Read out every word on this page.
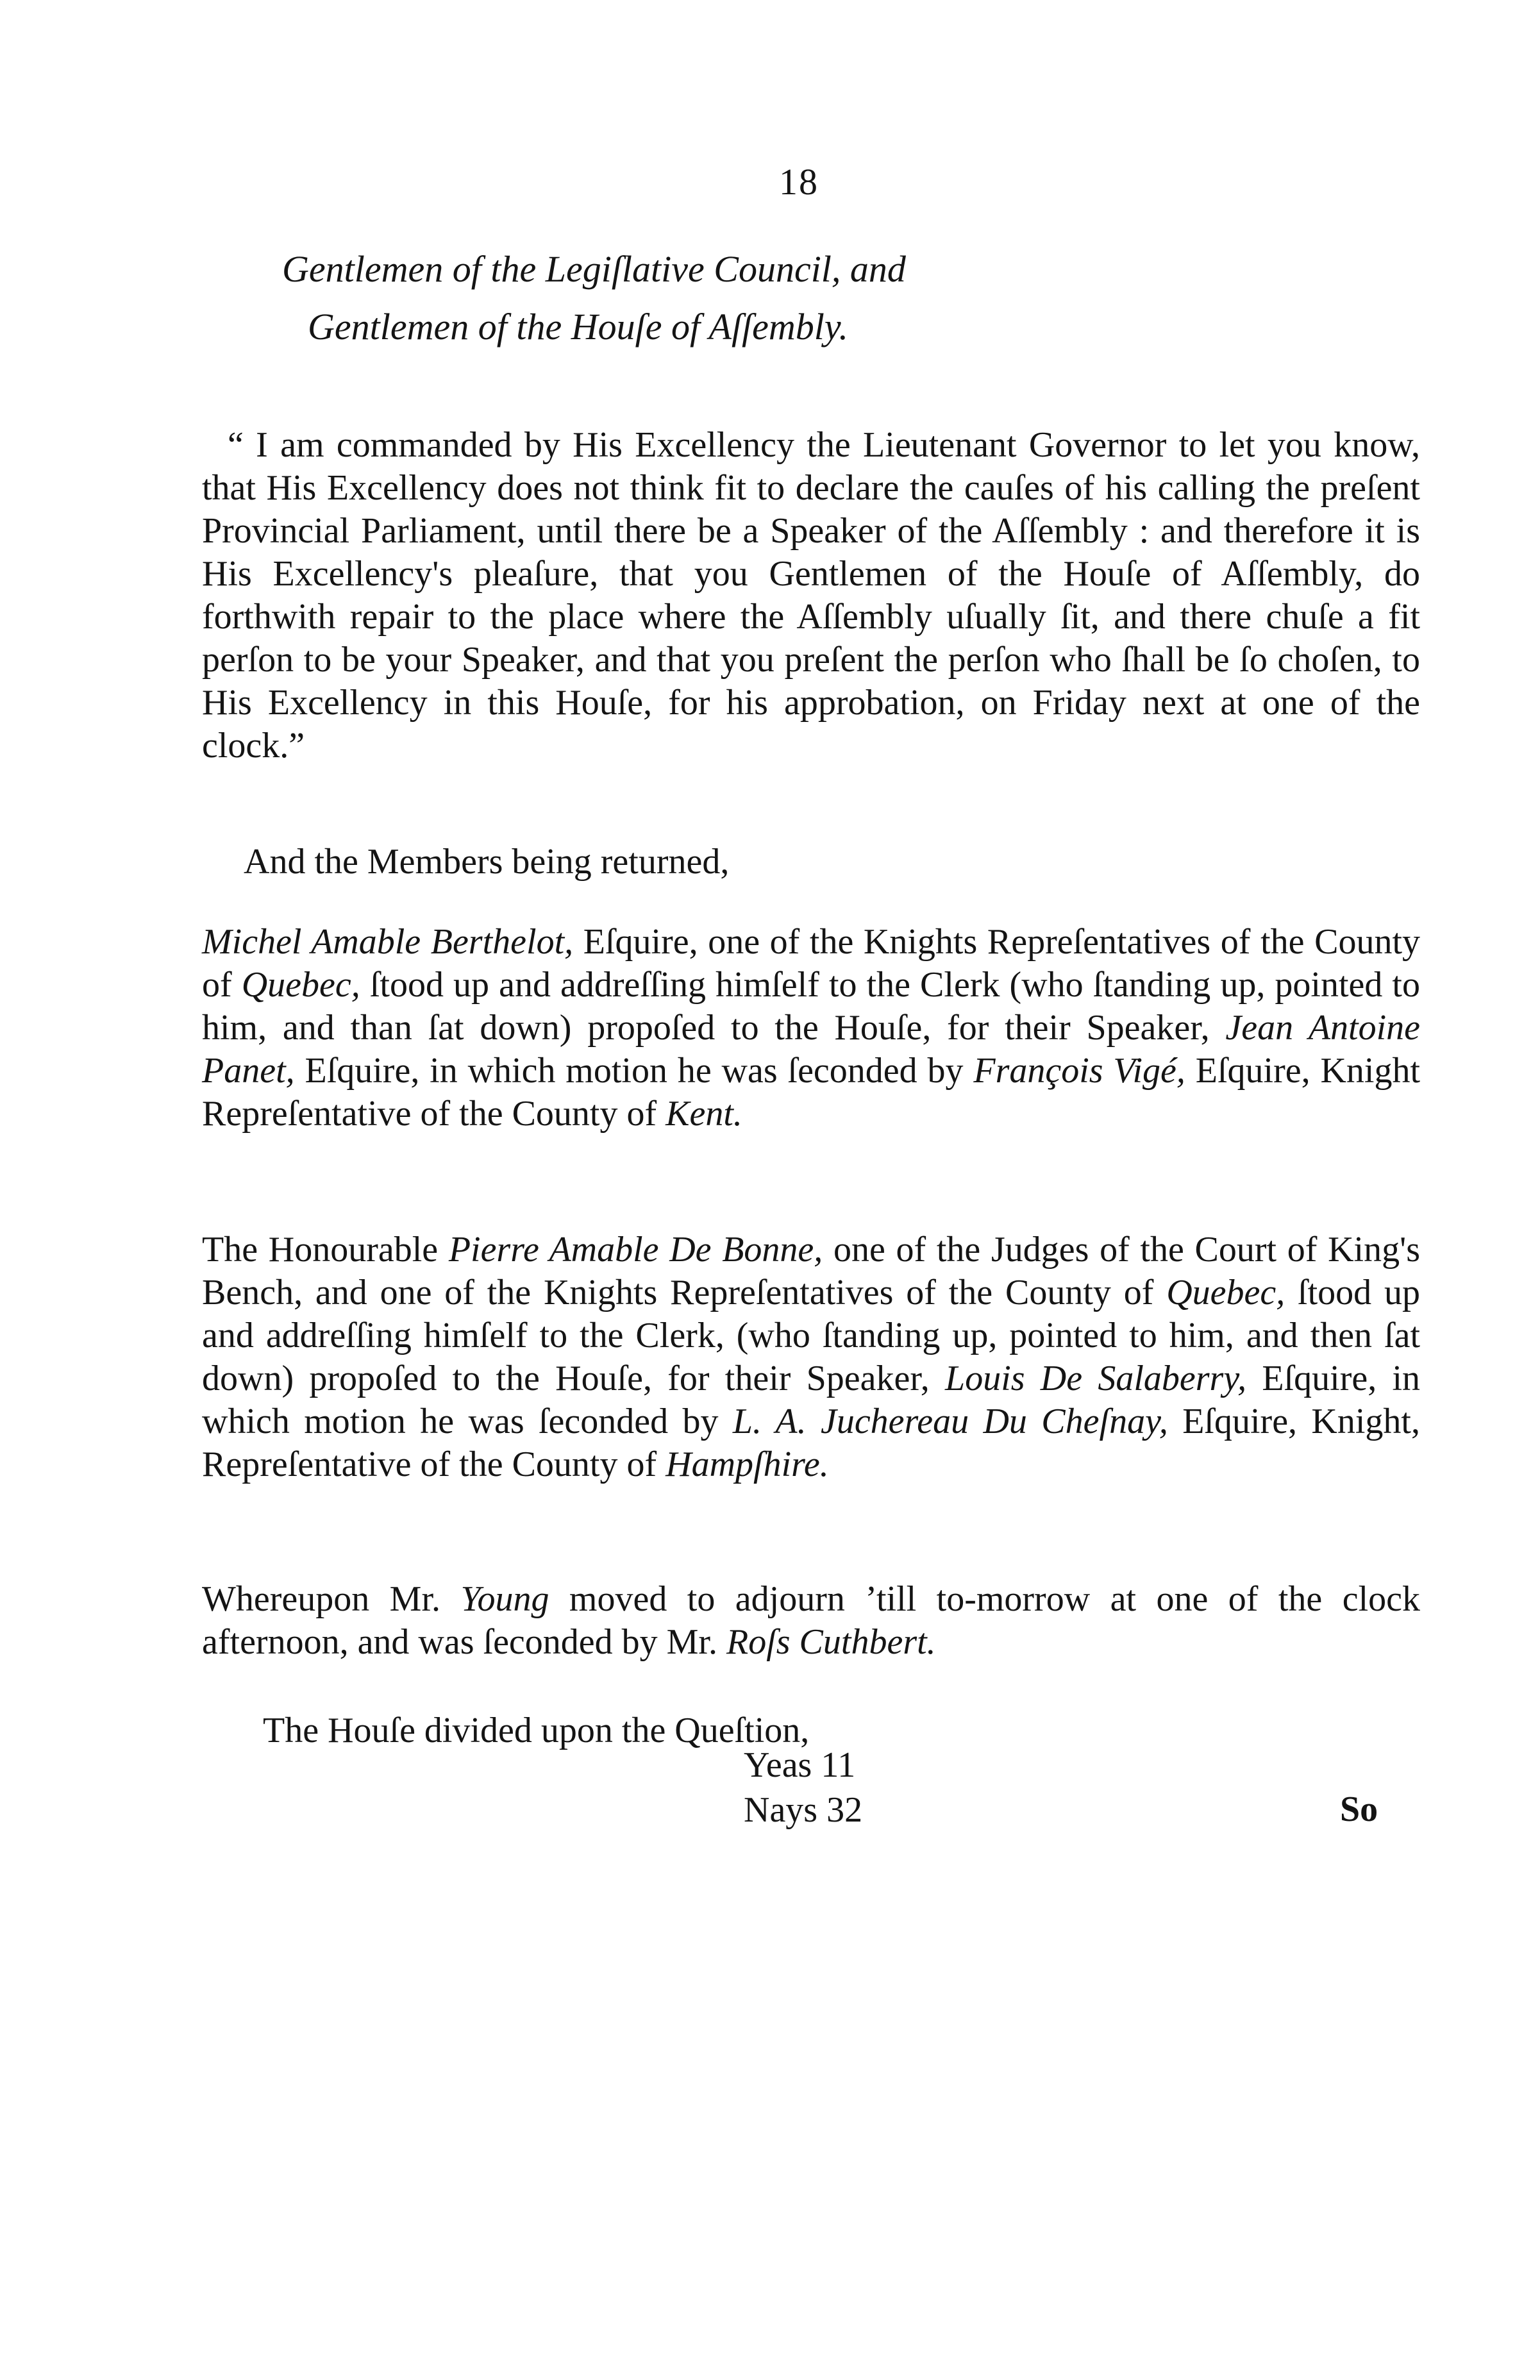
18
Gentlemen of the Legiſlative Council, and
Gentlemen of the Houſe of Aſſembly.

“ I am commanded by His Excellency the Lieutenant Governor to let you know, that His Excellency does not think fit to declare the cauſes of his calling the preſent Provincial Parliament, until there be a Speaker of the Aſſembly : and therefore it is His Excellency's pleaſure, that you Gentlemen of the Houſe of Aſſembly, do forthwith repair to the place where the Aſſembly uſually ſit, and there chuſe a fit perſon to be your Speaker, and that you preſent the perſon who ſhall be ſo choſen, to His Excellency in this Houſe, for his approbation, on Friday next at one of the clock.”

And the Members being returned,

Michel Amable Berthelot, Eſquire, one of the Knights Repreſentatives of the County of Quebec, ſtood up and addreſſing himſelf to the Clerk (who ſtanding up, pointed to him, and than ſat down) propoſed to the Houſe, for their Speaker, Jean Antoine Panet, Eſquire, in which motion he was ſeconded by François Vigé, Eſquire, Knight Repreſentative of the County of Kent.

The Honourable Pierre Amable De Bonne, one of the Judges of the Court of King's Bench, and one of the Knights Repreſentatives of the County of Quebec, ſtood up and addreſſing himſelf to the Clerk, (who ſtanding up, pointed to him, and then ſat down) propoſed to the Houſe, for their Speaker, Louis De Salaberry, Eſquire, in which motion he was ſeconded by L. A. Juchereau Du Cheſnay, Eſquire, Knight, Repreſentative of the County of Hampſhire.

Whereupon Mr. Young moved to adjourn ’till to-morrow at one of the clock afternoon, and was ſeconded by Mr. Roſs Cuthbert.

The Houſe divided upon the Queſtion,

Yeas 11
Nays 32	So
